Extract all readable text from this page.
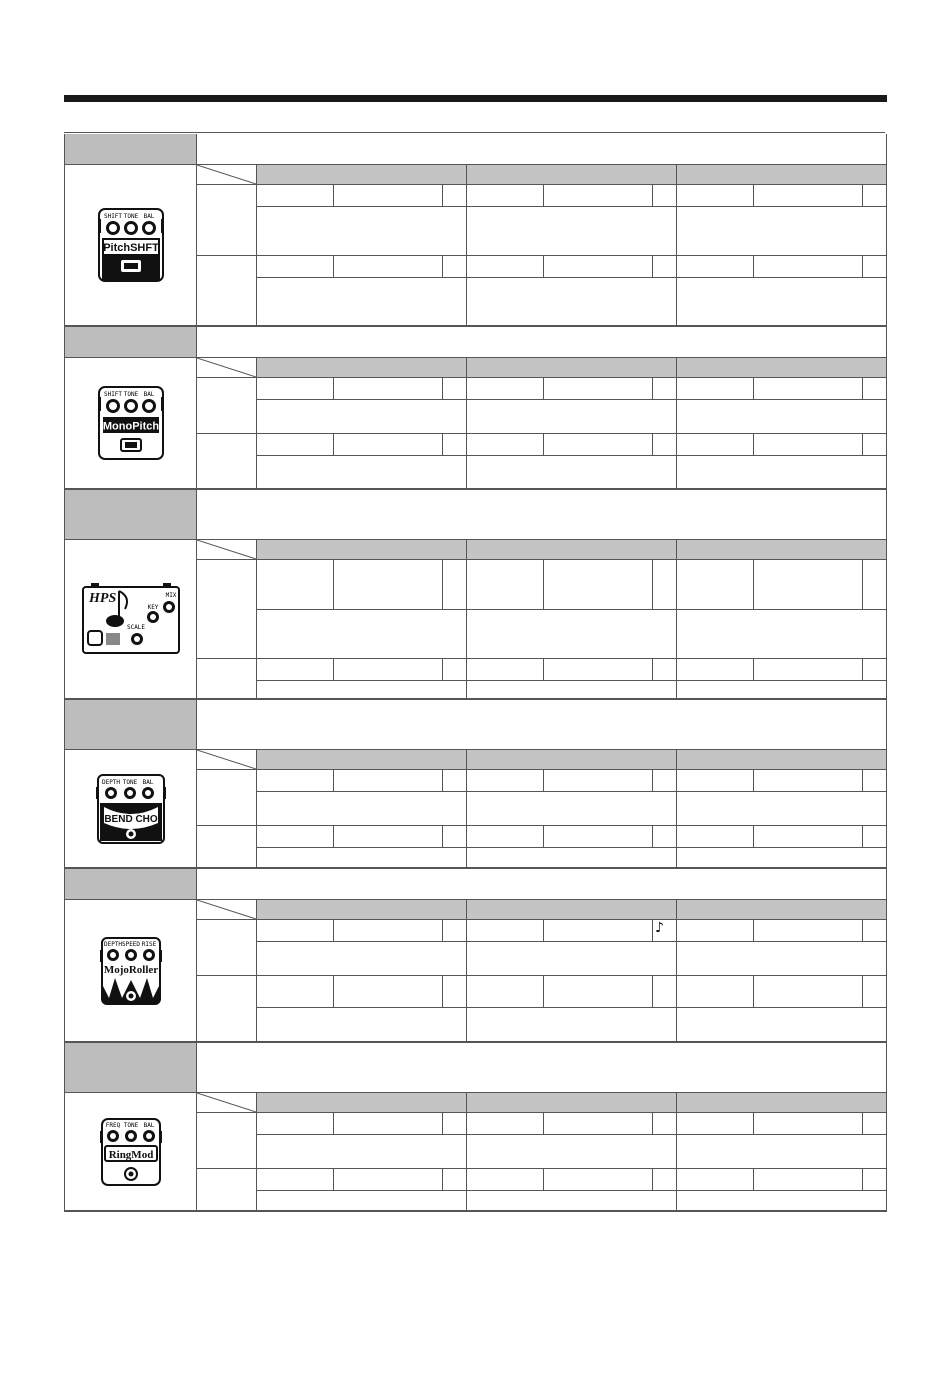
SHIFT TONE BAL
PitchSHFT
SHIFT TONE BAL
MonoPitch
HPS	MIX
KEY
SCALE
DEPTH TONE BAL
BEND CHO
DEPTH SPEED RISE
MojoRoller
♪
FREQ TONE BAL
RingMod
